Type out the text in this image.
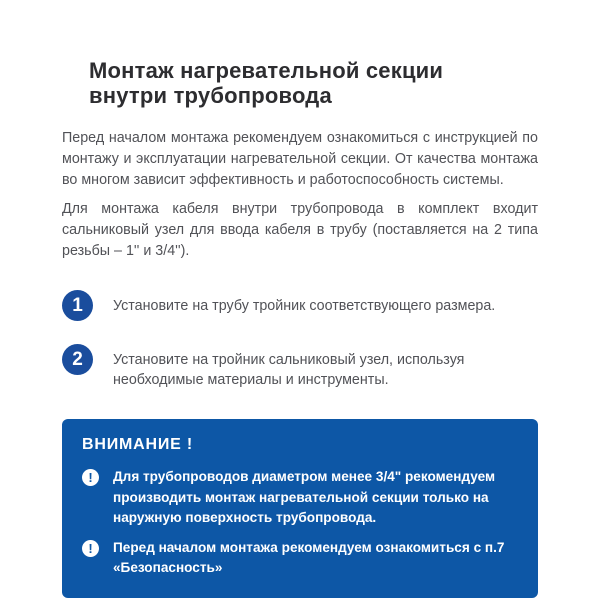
Монтаж нагревательной секции
внутри трубопровода

Перед началом монтажа рекомендуем ознакомиться с инструкцией по монтажу и эксплуатации нагревательной секции. От качества монтажа во многом зависит эффективность и работоспособность системы.

Для монтажа кабеля внутри трубопровода в комплект входит сальниковый узел для ввода кабеля в трубу (поставляется на 2 типа резьбы – 1'' и 3/4'').

1	Установите на трубу тройник соответствующего размера.
2	Установите на тройник сальниковый узел, используя необходимые материалы и инструменты.
ВНИМАНИЕ !
!	Для трубопроводов диаметром менее 3/4" рекомендуем производить монтаж нагревательной секции только на наружную поверхность трубопровода.
!	Перед началом монтажа рекомендуем ознакомиться с п.7 «Безопасность»
